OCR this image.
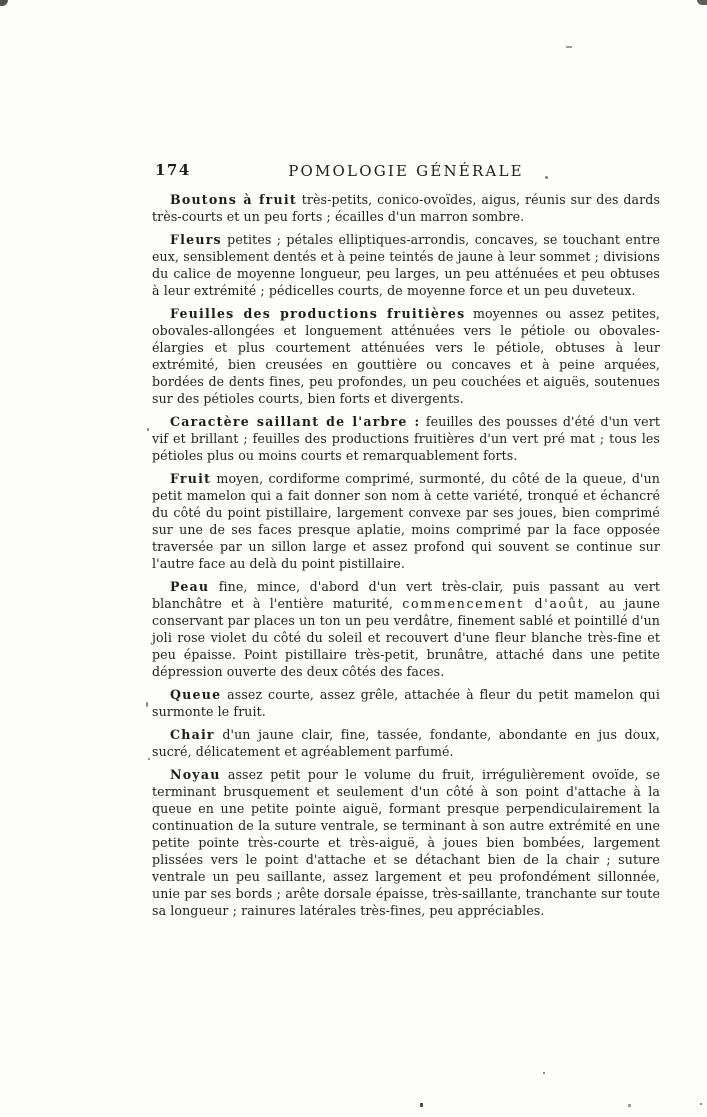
174	POMOLOGIE GÉNÉRALE

Boutons à fruit très-petits, conico-ovoïdes, aigus, réunis sur des dards très-courts et un peu forts ; écailles d'un marron sombre.

Fleurs petites ; pétales elliptiques-arrondis, concaves, se touchant entre eux, sensiblement dentés et à peine teintés de jaune à leur sommet ; divisions du calice de moyenne longueur, peu larges, un peu atténuées et peu obtuses à leur extrémité ; pédicelles courts, de moyenne force et un peu duveteux.

Feuilles des productions fruitières moyennes ou assez petites, obovales-allongées et longuement atténuées vers le pétiole ou obovales-élargies et plus courtement atténuées vers le pétiole, obtuses à leur extrémité, bien creusées en gouttière ou concaves et à peine arquées, bordées de dents fines, peu profondes, un peu couchées et aiguës, soutenues sur des pétioles courts, bien forts et divergents.

Caractère saillant de l'arbre : feuilles des pousses d'été d'un vert vif et brillant ; feuilles des productions fruitières d'un vert pré mat ; tous les pétioles plus ou moins courts et remarquablement forts.

Fruit moyen, cordiforme comprimé, surmonté, du côté de la queue, d'un petit mamelon qui a fait donner son nom à cette variété, tronqué et échancré du côté du point pistillaire, largement convexe par ses joues, bien comprimé sur une de ses faces presque aplatie, moins comprimé par la face opposée traversée par un sillon large et assez profond qui souvent se continue sur l'autre face au delà du point pistillaire.

Peau fine, mince, d'abord d'un vert très-clair, puis passant au vert blanchâtre et à l'entière maturité, commencement d'août, au jaune conservant par places un ton un peu verdâtre, finement sablé et pointillé d'un joli rose violet du côté du soleil et recouvert d'une fleur blanche très-fine et peu épaisse. Point pistillaire très-petit, brunâtre, attaché dans une petite dépression ouverte des deux côtés des faces.

Queue assez courte, assez grêle, attachée à fleur du petit mamelon qui surmonte le fruit.

Chair d'un jaune clair, fine, tassée, fondante, abondante en jus doux, sucré, délicatement et agréablement parfumé.

Noyau assez petit pour le volume du fruit, irrégulièrement ovoïde, se terminant brusquement et seulement d'un côté à son point d'attache à la queue en une petite pointe aiguë, formant presque perpendiculairement la continuation de la suture ventrale, se terminant à son autre extrémité en une petite pointe très-courte et très-aiguë, à joues bien bombées, largement plissées vers le point d'attache et se détachant bien de la chair ; suture ventrale un peu saillante, assez largement et peu profondément sillonnée, unie par ses bords ; arête dorsale épaisse, très-saillante, tranchante sur toute sa longueur ; rainures latérales très-fines, peu appréciables.
